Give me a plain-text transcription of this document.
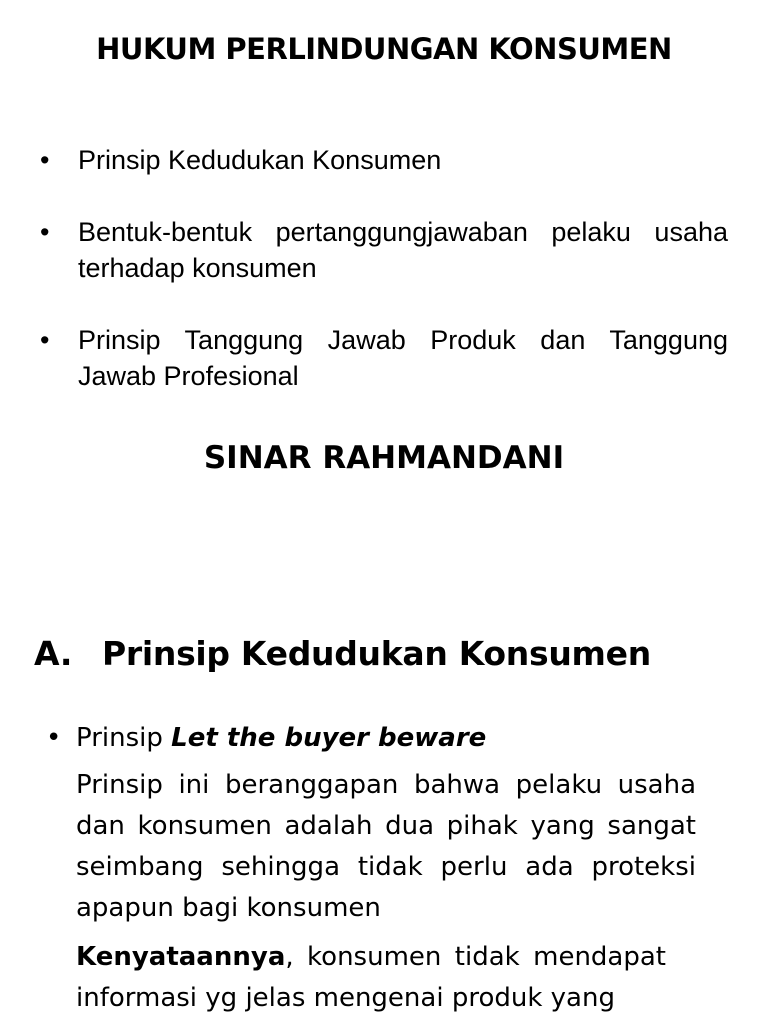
HUKUM PERLINDUNGAN KONSUMEN
• Prinsip Kedudukan Konsumen
• Bentuk-bentuk pertanggungjawaban pelaku usaha terhadap konsumen
• Prinsip Tanggung Jawab Produk dan Tanggung Jawab Profesional
SINAR RAHMANDANI
A. Prinsip Kedudukan Konsumen
• Prinsip Let the buyer beware
Prinsip ini beranggapan bahwa pelaku usaha dan konsumen adalah dua pihak yang sangat seimbang sehingga tidak perlu ada proteksi apapun bagi konsumen
Kenyataannya, konsumen tidak mendapat informasi yg jelas mengenai produk yang
